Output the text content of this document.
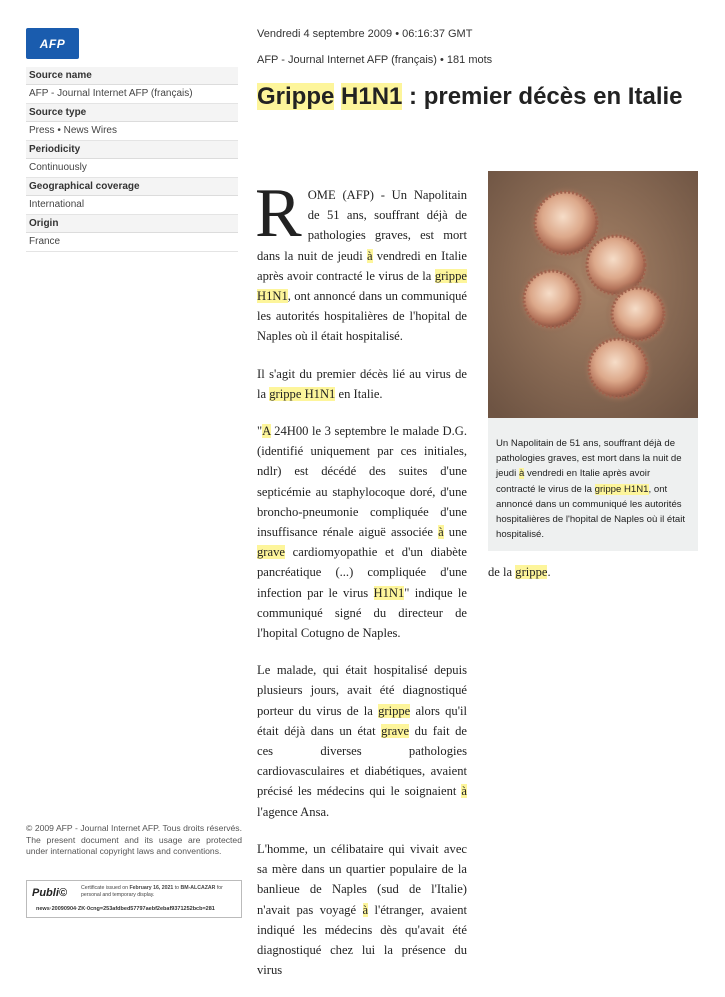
AFP
Source name
AFP - Journal Internet AFP (français)
Source type
Press • News Wires
Periodicity
Continuously
Geographical coverage
International
Origin
France
© 2009 AFP - Journal Internet AFP. Tous droits réservés. The present document and its usage are protected under international copyright laws and conventions.
Publi©	Certificate issued on February 16, 2021 to BM-ALCAZAR for personal and temporary display.
news·20090904·ZK·0cng=253afdbed57797aebf2ebaf9371252bcb=281
Vendredi 4 septembre 2009 • 06:16:37 GMT
AFP - Journal Internet AFP (français) • 181 mots
Grippe H1N1 : premier décès en Italie

ROME (AFP) - Un Napolitain de 51 ans, souffrant déjà de pathologies graves, est mort dans la nuit de jeudi à vendredi en Italie après avoir contracté le virus de la grippe H1N1, ont annoncé dans un communiqué les autorités hospitalières de l'hopital de Naples où il était hospitalisé.

Il s'agit du premier décès lié au virus de la grippe H1N1 en Italie.

"A 24H00 le 3 septembre le malade D.G. (identifié uniquement par ces initiales, ndlr) est décédé des suites d'une septicémie au staphylocoque doré, d'une broncho-pneumonie compliquée d'une insuffisance rénale aiguë associée à une grave cardiomyopathie et d'un diabète pancréatique (...) compliquée d'une infection par le virus H1N1" indique le communiqué signé du directeur de l'hopital Cotugno de Naples.

Le malade, qui était hospitalisé depuis plusieurs jours, avait été diagnostiqué porteur du virus de la grippe alors qu'il était déjà dans un état grave du fait de ces diverses pathologies cardiovasculaires et diabétiques, avaient précisé les médecins qui le soignaient à l'agence Ansa.

L'homme, un célibataire qui vivait avec sa mère dans un quartier populaire de la banlieue de Naples (sud de l'Italie) n'avait pas voyagé à l'étranger, avaient indiqué les médecins dès qu'avait été diagnostiqué chez lui la présence du virus

Un Napolitain de 51 ans, souffrant déjà de pathologies graves, est mort dans la nuit de jeudi à vendredi en Italie après avoir contracté le virus de la grippe H1N1, ont annoncé dans un communiqué les autorités hospitalières de l'hopital de Naples où il était hospitalisé.
de la grippe.
